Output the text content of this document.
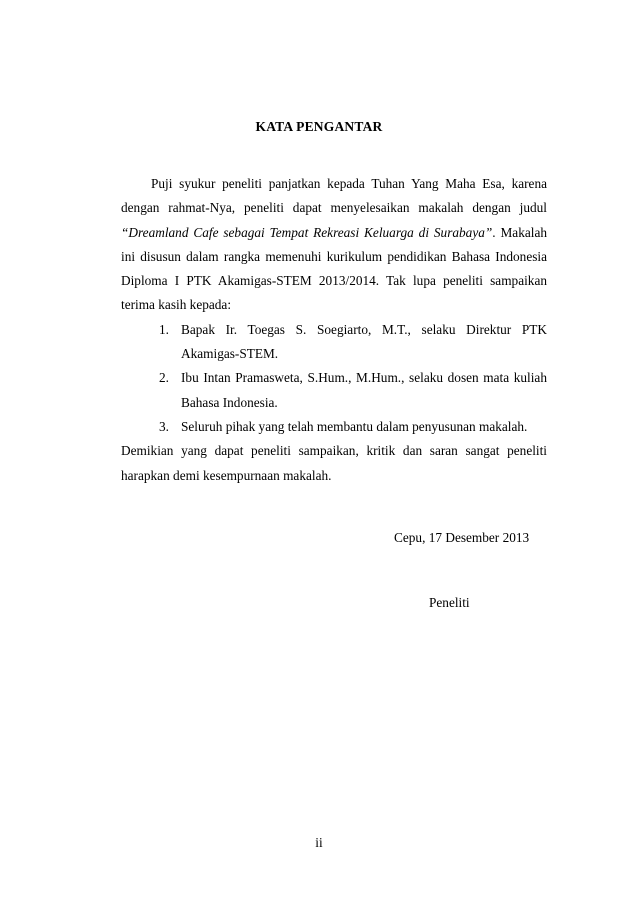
KATA PENGANTAR

Puji syukur peneliti panjatkan kepada Tuhan Yang Maha Esa, karena dengan rahmat-Nya, peneliti dapat menyelesaikan makalah dengan judul “Dreamland Cafe sebagai Tempat Rekreasi Keluarga di Surabaya”. Makalah ini disusun dalam rangka memenuhi kurikulum pendidikan Bahasa Indonesia Diploma I PTK Akamigas-STEM 2013/2014. Tak lupa peneliti sampaikan terima kasih kepada:

1. Bapak Ir. Toegas S. Soegiarto, M.T., selaku Direktur PTK Akamigas-STEM.
2. Ibu Intan Pramasweta, S.Hum., M.Hum., selaku dosen mata kuliah Bahasa Indonesia.
3. Seluruh pihak yang telah membantu dalam penyusunan makalah.

Demikian yang dapat peneliti sampaikan, kritik dan saran sangat peneliti harapkan demi kesempurnaan makalah.

Cepu, 17 Desember 2013
Peneliti
ii
